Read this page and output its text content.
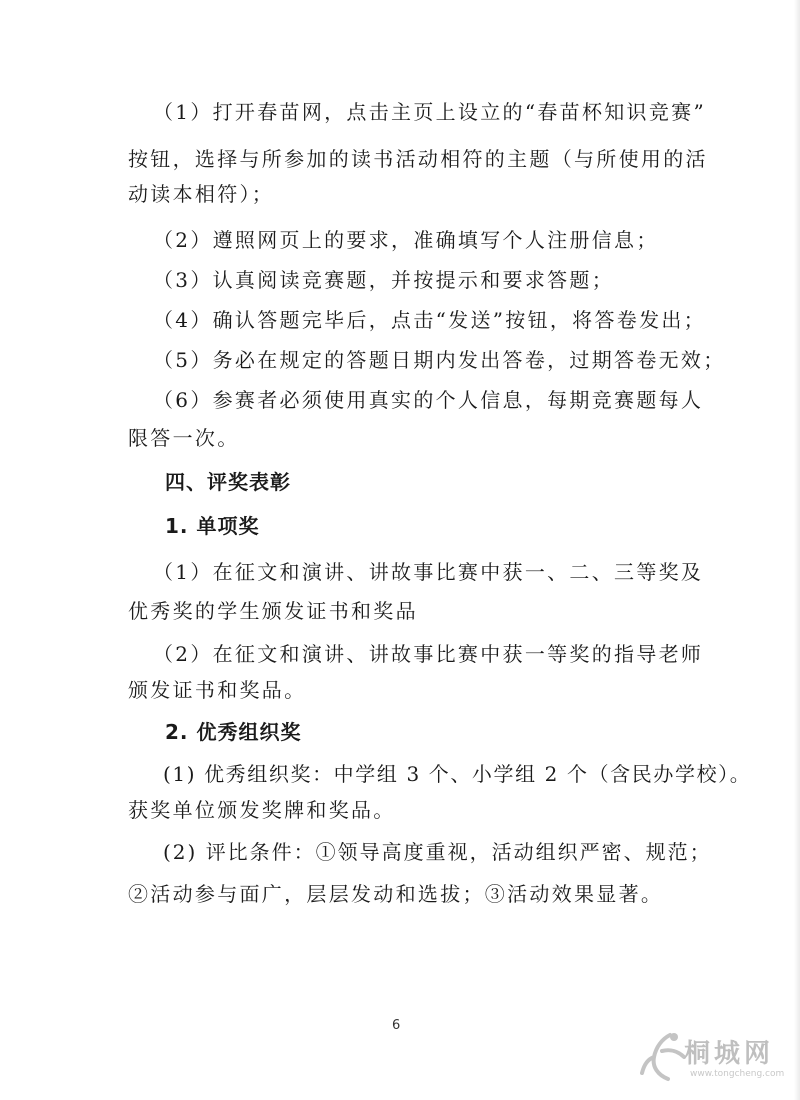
（1）打开春苗网，点击主页上设立的“春苗杯知识竞赛”
按钮，选择与所参加的读书活动相符的主题（与所使用的活
动读本相符）；
（2）遵照网页上的要求，准确填写个人注册信息；
（3）认真阅读竞赛题，并按提示和要求答题；
（4）确认答题完毕后，点击“发送”按钮，将答卷发出；
（5）务必在规定的答题日期内发出答卷，过期答卷无效；
（6）参赛者必须使用真实的个人信息，每期竞赛题每人
限答一次。
四、评奖表彰
1. 单项奖
（1）在征文和演讲、讲故事比赛中获一、二、三等奖及
优秀奖的学生颁发证书和奖品
（2）在征文和演讲、讲故事比赛中获一等奖的指导老师
颁发证书和奖品。
2. 优秀组织奖
(1) 优秀组织奖：中学组 3 个、小学组 2 个（含民办学校）。
获奖单位颁发奖牌和奖品。
(2) 评比条件：①领导高度重视，活动组织严密、规范；
②活动参与面广，层层发动和选拔；③活动效果显著。
6
桐城网
www.tongcheng.com
